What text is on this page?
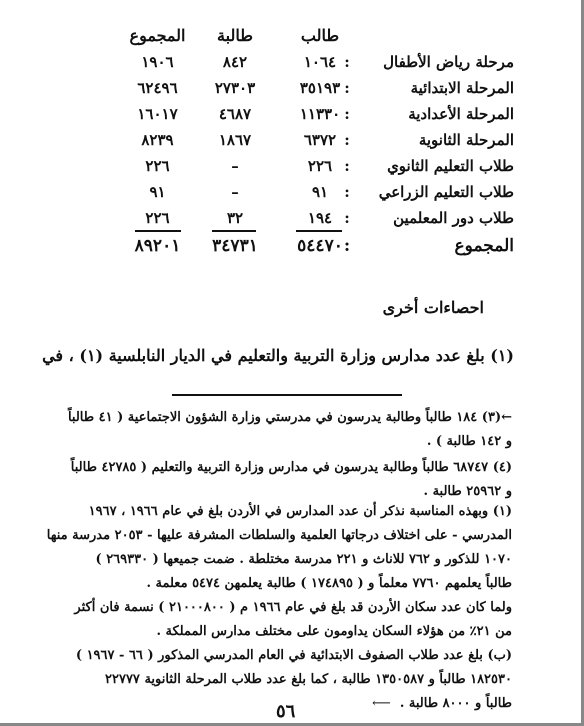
طالب
طالبة
المجموع
مرحلة رياض الأطفال
:
١٠٦٤
٨٤٢
١٩٠٦
المرحلة الابتدائية
:
٣٥١٩٣
٢٧٣٠٣
٦٢٤٩٦
المرحلة الأعدادية
:
١١٣٣٠
٤٦٨٧
١٦٠١٧
المرحلة الثانوية
:
٦٣٧٢
١٨٦٧
٨٢٣٩
طلاب التعليم الثانوي
:
٢٢٦
–
٢٢٦
طلاب التعليم الزراعي
:
٩١
–
٩١
طلاب دور المعلمين
:
١٩٤
٣٢
٢٢٦
المجموع
:
٥٤٤٧٠
٣٤٧٣١
٨٩٢٠١
احصاءات أخرى
(١) بلغ عدد مدارس وزارة التربية والتعليم في الديار النابلسية (١) ، في
←(٣) ١٨٤ طالباً وطالبة يدرسون في مدرستي وزارة الشؤون الاجتماعية ( ٤١ طالباً
و ١٤٢ طالبة ) .
(٤) ٦٨٧٤٧ طالباً وطالبة يدرسون في مدارس وزارة التربية والتعليم ( ٤٢٧٨٥ طالباً
و ٢٥٩٦٢ طالبة .
(١) وبهذه المناسبة نذكر أن عدد المدارس في الأردن بلغ في عام ١٩٦٦ ، ١٩٦٧
المدرسي - على اختلاف درجاتها العلمية والسلطات المشرفة عليها - ٢٠٥٣ مدرسة منها
١٠٧٠ للذكور و ٧٦٢ للاناث و ٢٢١ مدرسة مختلطة . ضمت جميعها ( ٢٦٩٣٣٠ )
طالباً يعلمهم ٧٧٦٠ معلماً و ( ١٧٤٨٩٥ ) طالبة يعلمهن ٥٤٧٤ معلمة .
ولما كان عدد سكان الأردن قد بلغ في عام ١٩٦٦ م ( ٢١٠٠٠٨٠٠ ) نسمة فان أكثر
من ٢١٪ من هؤلاء السكان يداومون على مختلف مدارس المملكة .
(ب) بلغ عدد طلاب الصفوف الابتدائية في العام المدرسي المذكور ( ٦٦ - ١٩٦٧ )
١٨٢٥٣٠ طالباً و ١٣٥٠٥٨٧ طالبة ، كما بلغ عدد طلاب المرحلة الثانوية ٢٢٧٧٧
طالباً و ٨٠٠٠ طالبة .  ⟵
٥٦
